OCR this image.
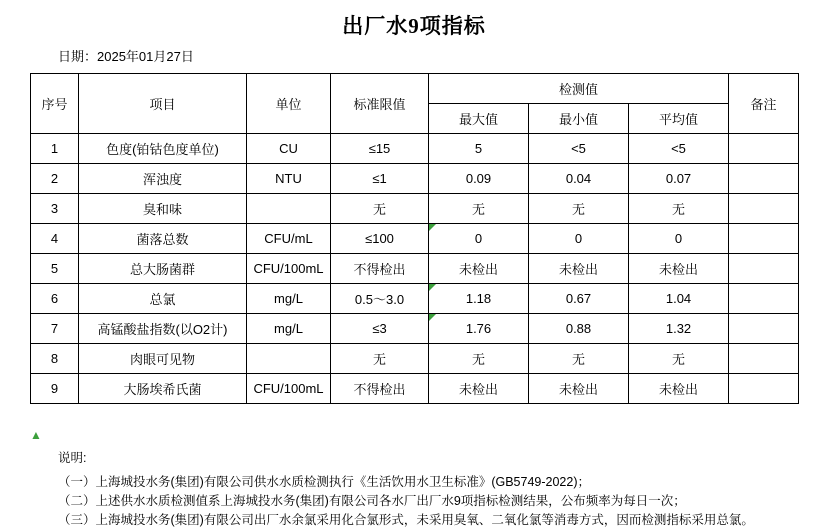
出厂水9项指标
日期：2025年01月27日
序号	项目	单位	标准限值	检测值			备注
				最大值	最小值	平均值	
1	色度(铂钴色度单位)	CU	≤15	5	<5	<5	
2	浑浊度	NTU	≤1	0.09	0.04	0.07	
3	臭和味		无	无	无	无	
4	菌落总数	CFU/mL	≤100	0	0	0	
5	总大肠菌群	CFU/100mL	不得检出	未检出	未检出	未检出	
6	总氯	mg/L	0.5～3.0	1.18	0.67	1.04	
7	高锰酸盐指数(以O2计)	mg/L	≤3	1.76	0.88	1.32	
8	肉眼可见物		无	无	无	无	
9	大肠埃希氏菌	CFU/100mL	不得检出	未检出	未检出	未检出	
▲
说明:
（一）上海城投水务(集团)有限公司供水水质检测执行《生活饮用水卫生标准》(GB5749-2022)；
（二）上述供水水质检测值系上海城投水务(集团)有限公司各水厂出厂水9项指标检测结果，公布频率为每日一次；
（三）上海城投水务(集团)有限公司出厂水余氯采用化合氯形式，未采用臭氧、二氧化氯等消毒方式，因而检测指标采用总氯。
